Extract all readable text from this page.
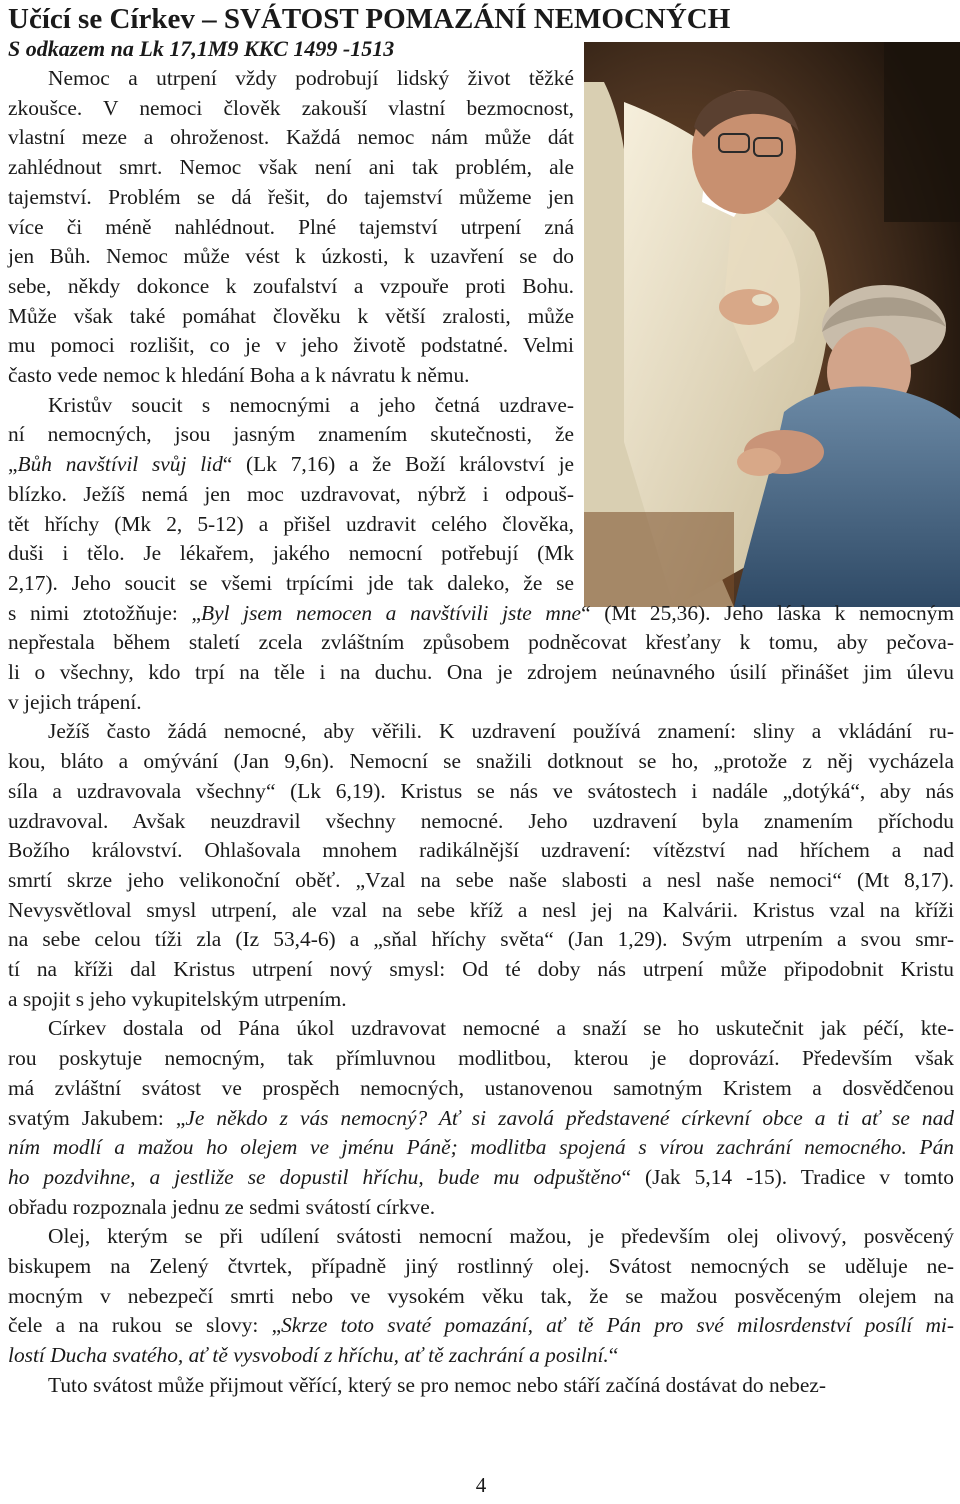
Učící se Církev – SVÁTOST POMAZÁNÍ NEMOCNÝCH
S odkazem na Lk 17,1M9 KKC 1499 -1513
Nemoc a utrpení vždy podrobují lidský život těžké
zkoušce. V nemoci člověk zakouší vlastní bezmocnost,
vlastní meze a ohroženost. Každá nemoc nám může dát
zahlédnout smrt. Nemoc však není ani tak problém, ale
tajemství. Problém se dá řešit, do tajemství můžeme jen
více či méně nahlédnout. Plné tajemství utrpení zná
jen Bůh. Nemoc může vést k úzkosti, k uzavření se do
sebe, někdy dokonce k zoufalství a vzpouře proti Bohu.
Může však také pomáhat člověku k větší zralosti, může
mu pomoci rozlišit, co je v jeho životě podstatné. Velmi
často vede nemoc k hledání Boha a k návratu k němu.
Kristův soucit s nemocnými a jeho četná uzdrave-
ní nemocných, jsou jasným znamením skutečnosti, že
„Bůh navštívil svůj lid“ (Lk 7,16) a že Boží království je
blízko. Ježíš nemá jen moc uzdravovat, nýbrž i odpouš-
tět hříchy (Mk 2, 5-12) a přišel uzdravit celého člověka,
duši i tělo. Je lékařem, jakého nemocní potřebují (Mk
2,17). Jeho soucit se všemi trpícími jde tak daleko, že se
s nimi ztotožňuje: „Byl jsem nemocen a navštívili jste mne“ (Mt 25,36). Jeho láska k nemocným
nepřestala během staletí zcela zvláštním způsobem podněcovat křesťany k tomu, aby pečova-
li o všechny, kdo trpí na těle i na duchu. Ona je zdrojem neúnavného úsilí přinášet jim úlevu
v jejich trápení.
Ježíš často žádá nemocné, aby věřili. K uzdravení používá znamení: sliny a vkládání ru-
kou, bláto a omývání (Jan 9,6n). Nemocní se snažili dotknout se ho, „protože z něj vycházela
síla a uzdravovala všechny“ (Lk 6,19). Kristus se nás ve svátostech i nadále „dotýká“, aby nás
uzdravoval. Avšak neuzdravil všechny nemocné. Jeho uzdravení byla znamením příchodu
Božího království. Ohlašovala mnohem radikálnější uzdravení: vítězství nad hříchem a nad
smrtí skrze jeho velikonoční oběť. „Vzal na sebe naše slabosti a nesl naše nemoci“ (Mt 8,17).
Nevysvětloval smysl utrpení, ale vzal na sebe kříž a nesl jej na Kalvárii. Kristus vzal na kříži
na sebe celou tíži zla (Iz 53,4-6) a „sňal hříchy světa“ (Jan 1,29). Svým utrpením a svou smr-
tí na kříži dal Kristus utrpení nový smysl: Od té doby nás utrpení může připodobnit Kristu
a spojit s jeho vykupitelským utrpením.
Církev dostala od Pána úkol uzdravovat nemocné a snaží se ho uskutečnit jak péčí, kte-
rou poskytuje nemocným, tak přímluvnou modlitbou, kterou je doprovází. Především však
má zvláštní svátost ve prospěch nemocných, ustanovenou samotným Kristem a dosvědčenou
svatým Jakubem: „Je někdo z vás nemocný? Ať si zavolá představené církevní obce a ti ať se nad
ním modlí a mažou ho olejem ve jménu Páně; modlitba spojená s vírou zachrání nemocného. Pán
ho pozdvihne, a jestliže se dopustil hříchu, bude mu odpuštěno“ (Jak 5,14 -15). Tradice v tomto
obřadu rozpoznala jednu ze sedmi svátostí církve.
Olej, kterým se při udílení svátosti nemocní mažou, je především olej olivový, posvěcený
biskupem na Zelený čtvrtek, případně jiný rostlinný olej. Svátost nemocných se uděluje ne-
mocným v nebezpečí smrti nebo ve vysokém věku tak, že se mažou posvěceným olejem na
čele a na rukou se slovy: „Skrze toto svaté pomazání, ať tě Pán pro své milosrdenství posílí mi-
lostí Ducha svatého, ať tě vysvobodí z hříchu, ať tě zachrání a posilní.“
Tuto svátost může přijmout věřící, který se pro nemoc nebo stáří začíná dostávat do nebez-
4
